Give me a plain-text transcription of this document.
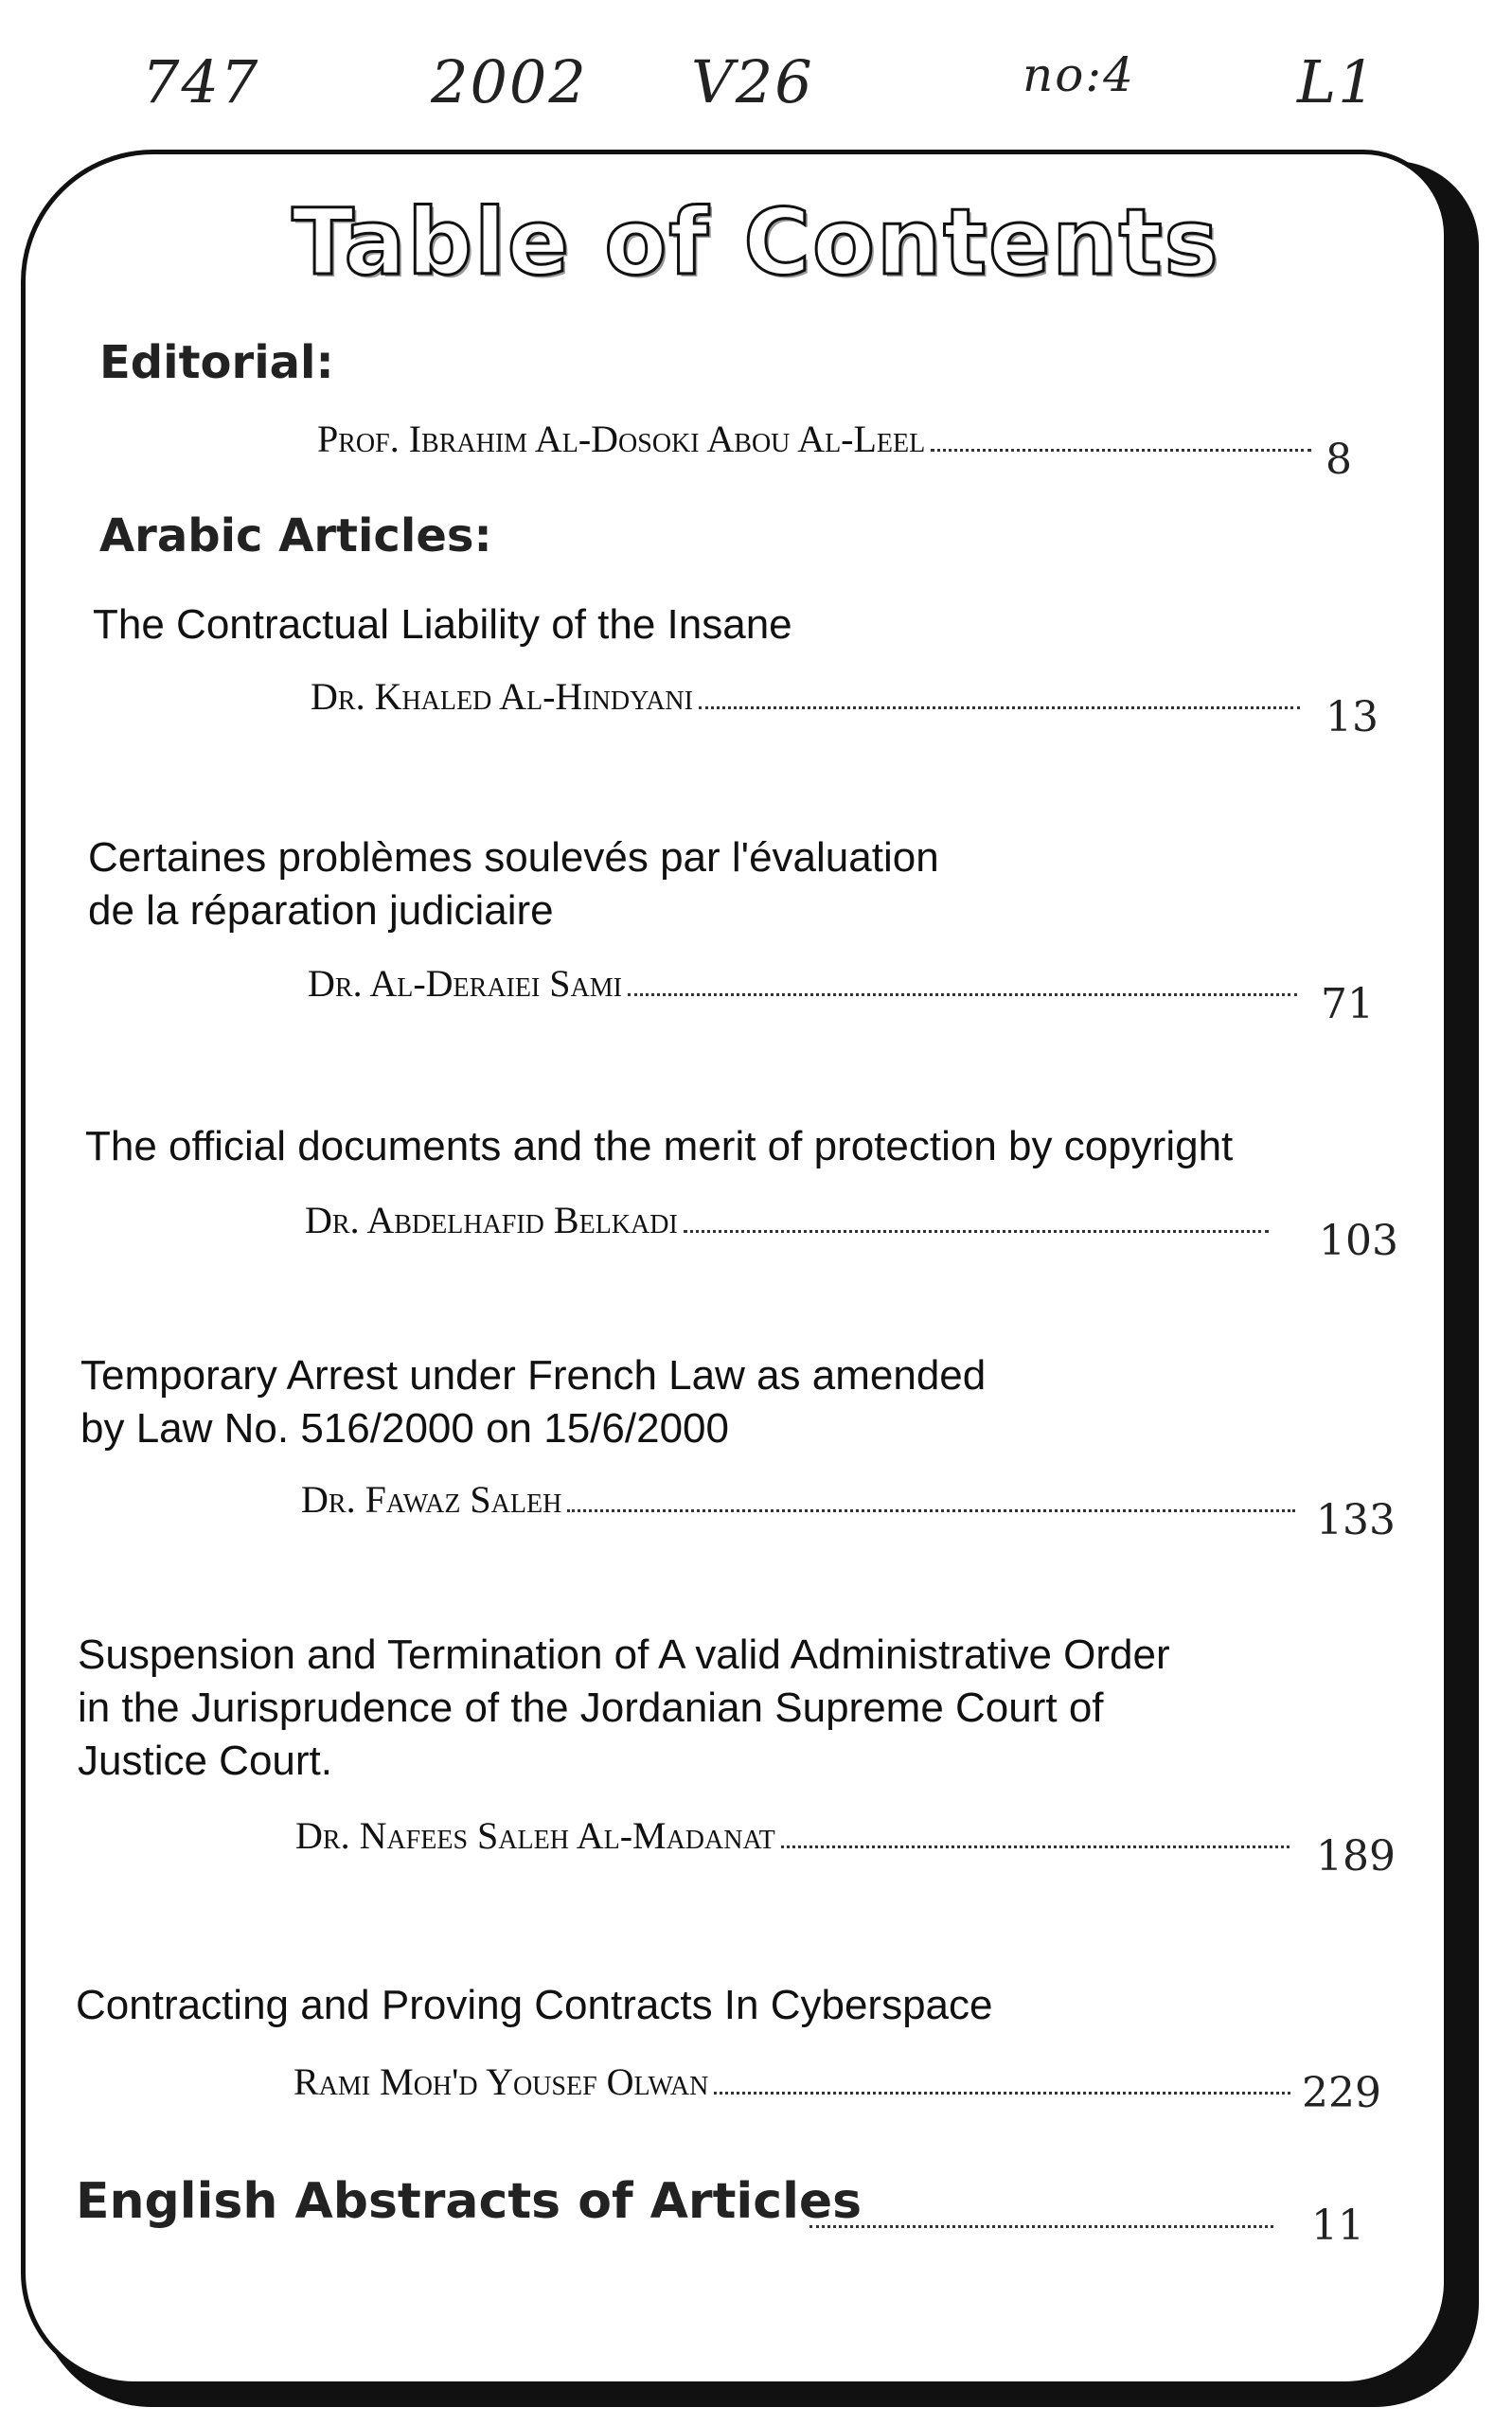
747	2002 V26	no:4	L1
Table of Contents
Editorial:
Prof. Ibrahim Al-Dosoki Abou Al-Leel	8
Arabic Articles:
The Contractual Liability of the Insane
Dr. Khaled Al-Hindyani	13
Certaines problèmes soulevés par l'évaluation
de la réparation judiciaire
Dr. Al-Deraiei Sami	71
The official documents and the merit of protection by copyright
Dr. Abdelhafid Belkadi	103
Temporary Arrest under French Law as amended
by Law No. 516/2000 on 15/6/2000
Dr. Fawaz Saleh	133
Suspension and Termination of A valid Administrative Order
in the Jurisprudence of the Jordanian Supreme Court of
Justice Court.
Dr. Nafees Saleh Al-Madanat	189
Contracting and Proving Contracts In Cyberspace
Rami Moh'd Yousef Olwan	229
English Abstracts of Articles	11
